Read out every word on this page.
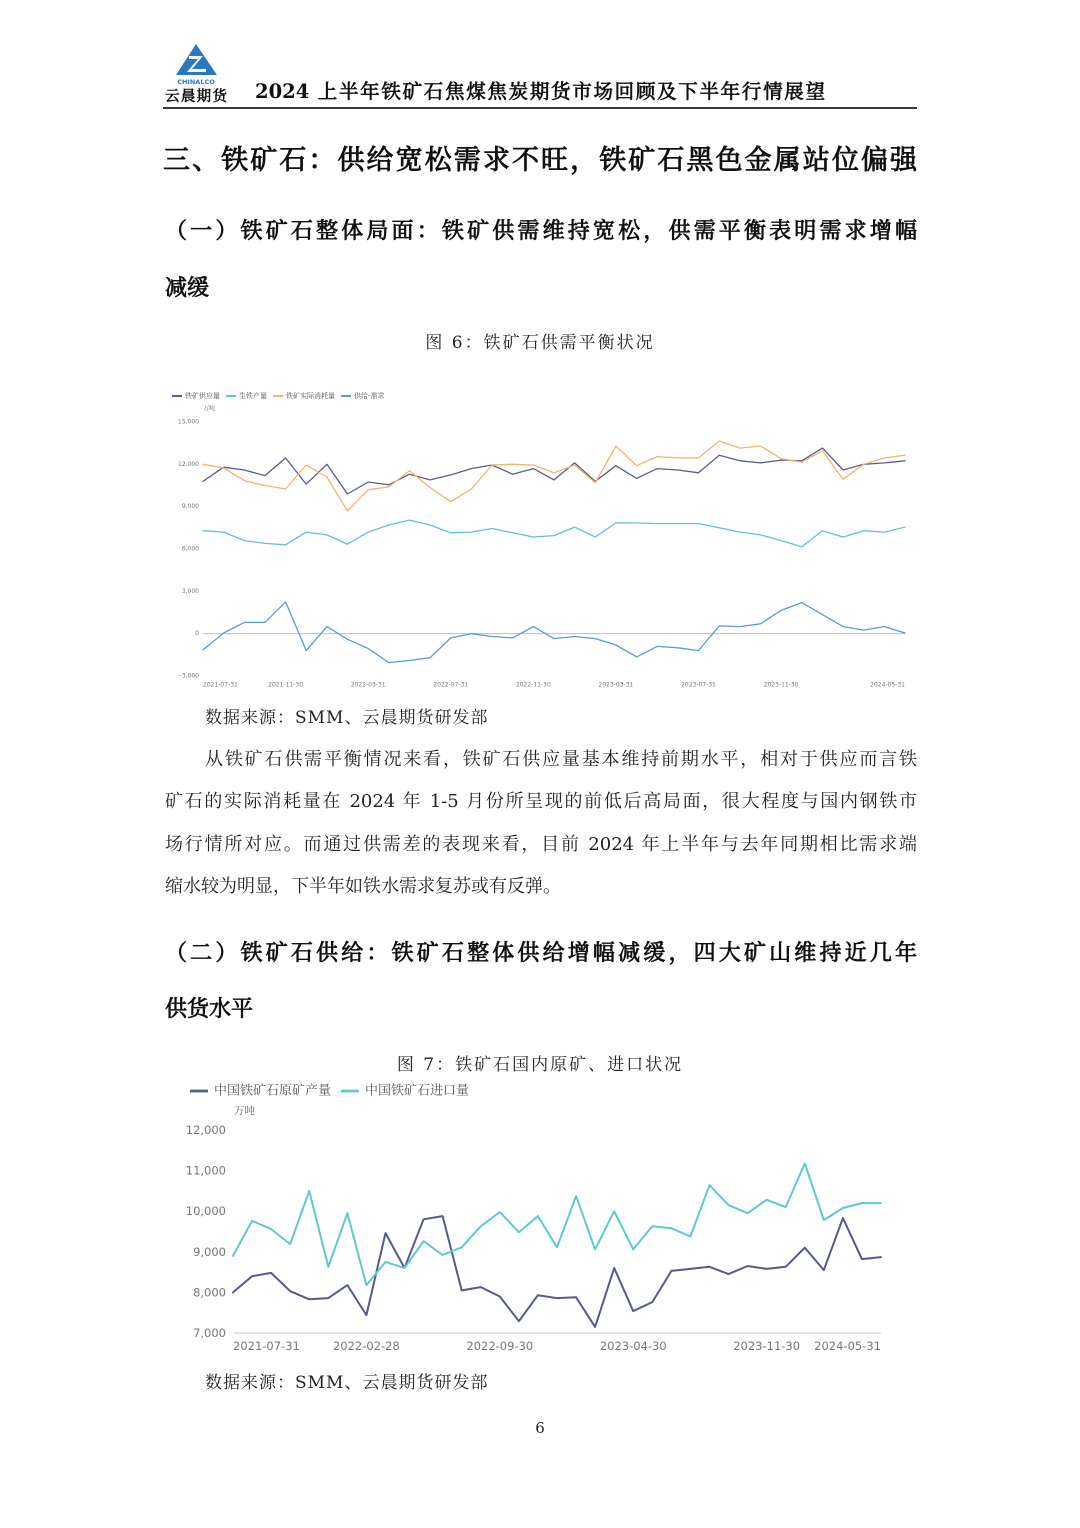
CHINALCO
云晨期货 2024 上半年铁矿石焦煤焦炭期货市场回顾及下半年行情展望
三、铁矿石：供给宽松需求不旺，铁矿石黑色金属站位偏强
（一）铁矿石整体局面：铁矿供需维持宽松，供需平衡表明需求增幅
减缓
图 6：铁矿石供需平衡状况
-3,000
0
3,000
6,000
9,000
12,000
15,000
2021-07-31	2021-11-30	2022-03-31	2022-07-31	2022-11-30	2023-03-31	2023-07-31	2023-11-30	2024-05-31
万吨
铁矿供应量	生铁产量	铁矿实际消耗量	供给-需求
数据来源：SMM、云晨期货研发部
从铁矿石供需平衡情况来看，铁矿石供应量基本维持前期水平，相对于供应而言铁
矿石的实际消耗量在 2024 年 1-5 月份所呈现的前低后高局面，很大程度与国内钢铁市
场行情所对应。而通过供需差的表现来看，目前 2024 年上半年与去年同期相比需求端
缩水较为明显，下半年如铁水需求复苏或有反弹。
（二）铁矿石供给：铁矿石整体供给增幅减缓，四大矿山维持近几年
供货水平
图 7：铁矿石国内原矿、进口状况
7,000
8,000
9,000
10,000
11,000
12,000
2021-07-31	2022-02-28	2022-09-30	2023-04-30	2023-11-30 2024-05-31
万吨
中国铁矿石原矿产量	中国铁矿石进口量
数据来源：SMM、云晨期货研发部
6
